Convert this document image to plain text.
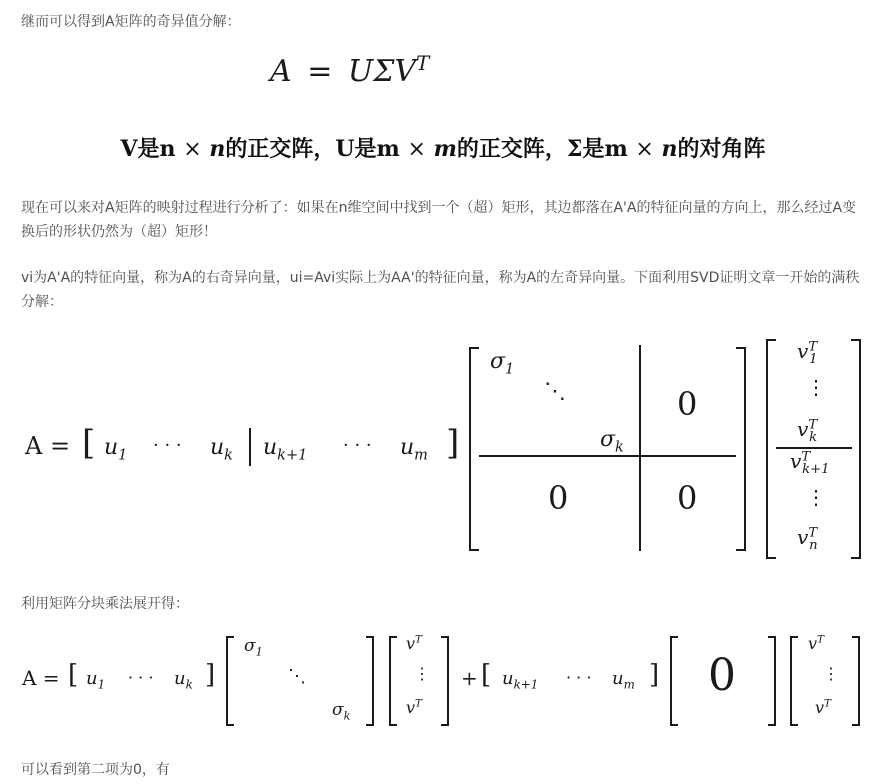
继而可以得到A矩阵的奇异值分解：
$A = U\Sigma V^T$
V是n × n的正交阵，U是m × m的正交阵，Σ是m × n的对角阵
现在可以来对A矩阵的映射过程进行分析了：如果在n维空间中找到一个（超）矩形，其边都落在A'A的特征向量的方向上，那么经过A变换后的形状仍然为（超）矩形！
vi为A'A的特征向量，称为A的右奇异向量，ui=Avi实际上为AA'的特征向量，称为A的左奇异向量。下面利用SVD证明文章一开始的满秩分解：
A = [ $u_1$ · · · $u_k$ $u_{k+1}$ · · · $u_m$ ]
$\sigma_1$
⋱
$\sigma_k$
0
0	0
$v^T_1$
⋮
$v^T_k$
$v^T_{k+1}$
⋮
$v^T_n$
利用矩阵分块乘法展开得：
A = [ $u_1$ · · · $u_k$ ]
$\sigma_1$
⋱
$\sigma_k$
$v^T$
⋮
$v^T$
+ [ $u_{k+1}$ · · · $u_m$ ] 0
$v^T$
⋮
$v^T$
可以看到第二项为0，有
